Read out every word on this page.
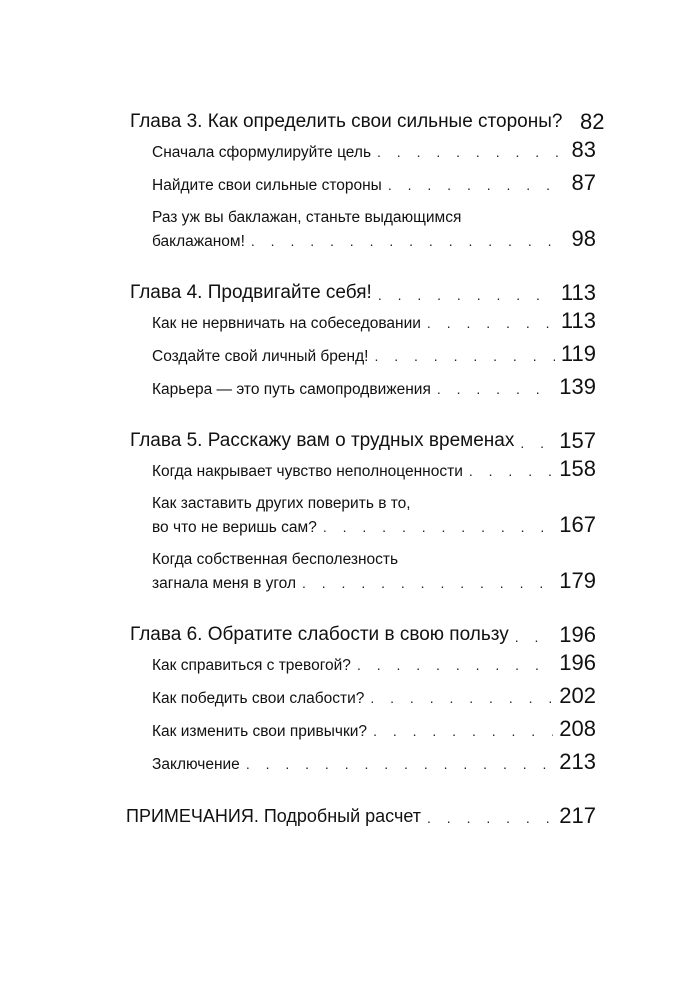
Глава 3. Как определить свои сильные стороны? 82
Сначала сформулируйте цель . . .	83
Найдите свои сильные стороны . . .	87
Раз уж вы баклажан, станьте выдающимся
баклажаном! . . .	98
Глава 4. Продвигайте себя! . . .	113
Как не нервничать на собеседовании . . .	113
Создайте свой личный бренд! . . .	119
Карьера — это путь самопродвижения . . .	139
Глава 5. Расскажу вам о трудных временах . . . 157
Когда накрывает чувство неполноценности . . .	158
Как заставить других поверить в то,
во что не веришь сам? . . .	167
Когда собственная бесполезность
загнала меня в угол . . .	179
Глава 6. Обратите слабости в свою пользу . . . 196
Как справиться с тревогой? . . .	196
Как победить свои слабости? . . .	202
Как изменить свои привычки? . . .	208
Заключение . . .	213
ПРИМЕЧАНИЯ. Подробный расчет . . .	217
